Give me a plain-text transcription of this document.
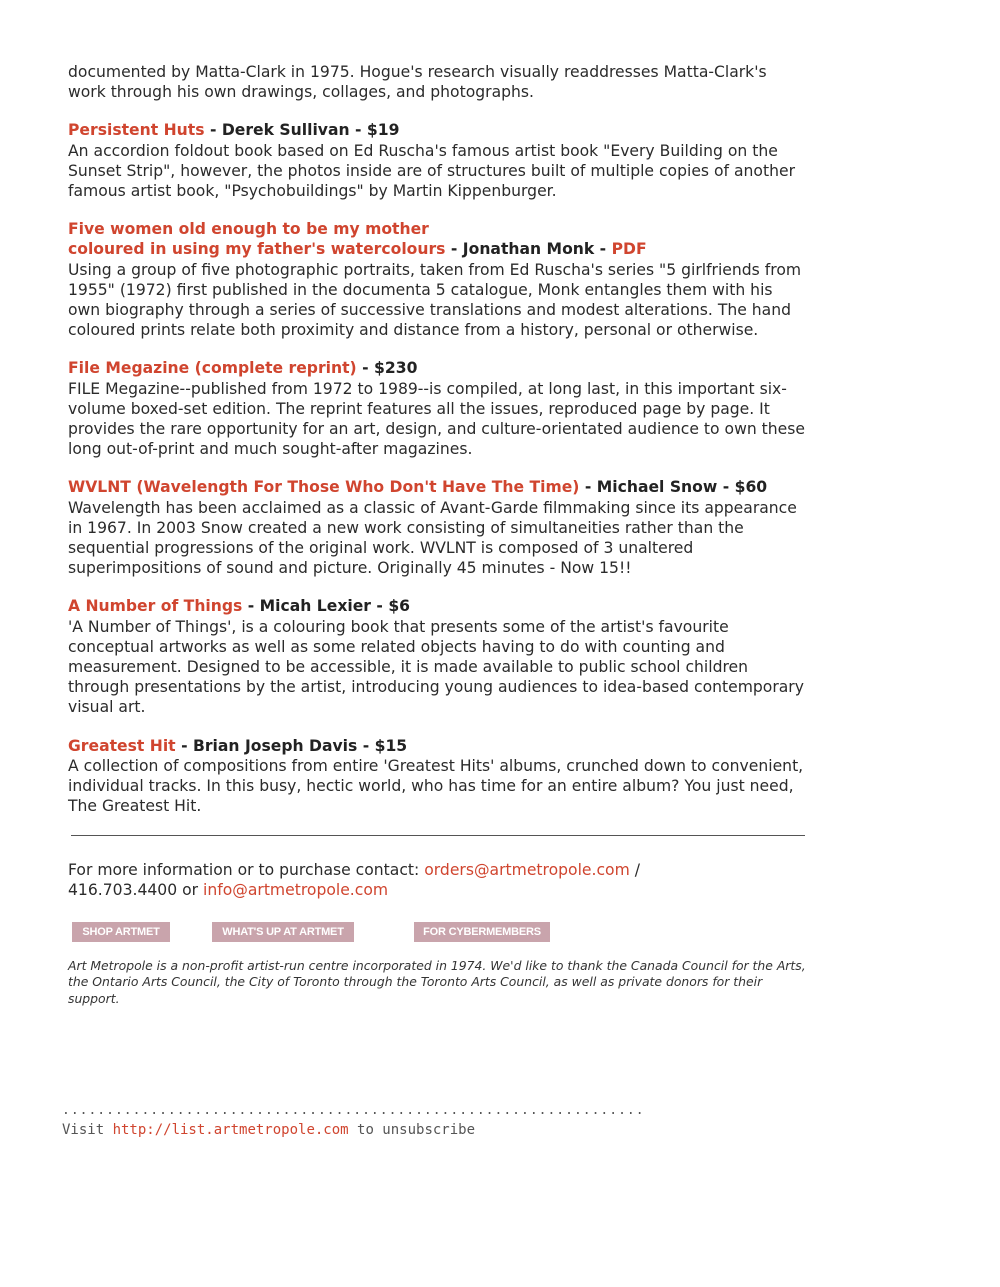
documented by Matta-Clark in 1975. Hogue's research visually readdresses Matta-Clark's work through his own drawings, collages, and photographs.

Persistent Huts - Derek Sullivan - $19

An accordion foldout book based on Ed Ruscha's famous artist book "Every Building on the Sunset Strip", however, the photos inside are of structures built of multiple copies of another famous artist book, "Psychobuildings" by Martin Kippenburger.

Five women old enough to be my mother
coloured in using my father's watercolours - Jonathan Monk - PDF

Using a group of five photographic portraits, taken from Ed Ruscha's series "5 girlfriends from 1955" (1972) first published in the documenta 5 catalogue, Monk entangles them with his own biography through a series of successive translations and modest alterations. The hand coloured prints relate both proximity and distance from a history, personal or otherwise.

File Megazine (complete reprint) - $230

FILE Megazine--published from 1972 to 1989--is compiled, at long last, in this important six-volume boxed-set edition. The reprint features all the issues, reproduced page by page. It provides the rare opportunity for an art, design, and culture-orientated audience to own these long out-of-print and much sought-after magazines.

WVLNT (Wavelength For Those Who Don't Have The Time) - Michael Snow - $60

Wavelength has been acclaimed as a classic of Avant-Garde filmmaking since its appearance in 1967. In 2003 Snow created a new work consisting of simultaneities rather than the sequential progressions of the original work. WVLNT is composed of 3 unaltered superimpositions of sound and picture. Originally 45 minutes - Now 15!!

A Number of Things - Micah Lexier - $6

'A Number of Things', is a colouring book that presents some of the artist's favourite conceptual artworks as well as some related objects having to do with counting and measurement. Designed to be accessible, it is made available to public school children through presentations by the artist, introducing young audiences to idea-based contemporary visual art.

Greatest Hit - Brian Joseph Davis - $15

A collection of compositions from entire 'Greatest Hits' albums, crunched down to convenient, individual tracks. In this busy, hectic world, who has time for an entire album? You just need, The Greatest Hit.

For more information or to purchase contact: orders@artmetropole.com /
416.703.4400 or info@artmetropole.com

SHOP ARTMET	WHAT'S UP AT ARTMET	FOR CYBERMEMBERS

Art Metropole is a non-profit artist-run centre incorporated in 1974. We'd like to thank the Canada Council for the Arts, the Ontario Arts Council, the City of Toronto through the Toronto Arts Council, as well as private donors for their support.

..................................................................
Visit http://list.artmetropole.com to unsubscribe
